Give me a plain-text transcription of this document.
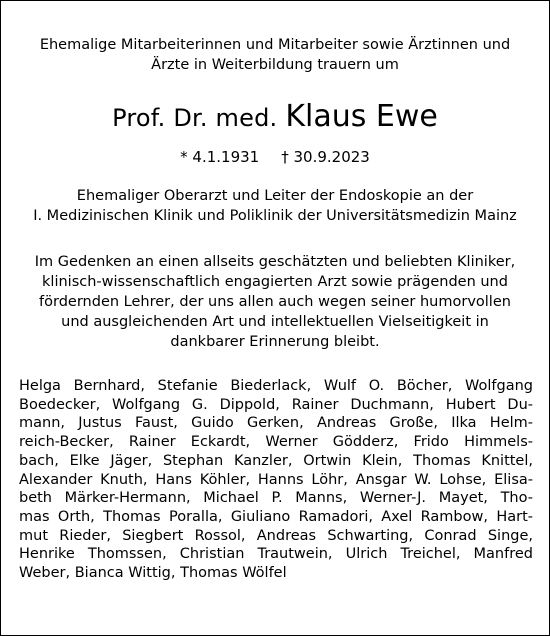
Ehemalige Mitarbeiterinnen und Mitarbeiter sowie Ärztinnen und
Ärzte in Weiterbildung trauern um
Prof. Dr. med. Klaus Ewe
* 4.1.1931 † 30.9.2023
Ehemaliger Oberarzt und Leiter der Endoskopie an der
I. Medizinischen Klinik und Poliklinik der Universitätsmedizin Mainz
Im Gedenken an einen allseits geschätzten und beliebten Kliniker,
klinisch-wissenschaftlich engagierten Arzt sowie prägenden und
fördernden Lehrer, der uns allen auch wegen seiner humorvollen
und ausgleichenden Art und intellektuellen Vielseitigkeit in
dankbarer Erinnerung bleibt.
Helga Bernhard, Stefanie Biederlack, Wulf O. Böcher, Wolfgang
Boedecker, Wolfgang G. Dippold, Rainer Duchmann, Hubert Du-
mann, Justus Faust, Guido Gerken, Andreas Große, Ilka Helm-
reich-Becker, Rainer Eckardt, Werner Gödderz, Frido Himmels-
bach, Elke Jäger, Stephan Kanzler, Ortwin Klein, Thomas Knittel,
Alexander Knuth, Hans Köhler, Hanns Löhr, Ansgar W. Lohse, Elisa-
beth Märker-Hermann, Michael P. Manns, Werner-J. Mayet, Tho-
mas Orth, Thomas Poralla, Giuliano Ramadori, Axel Rambow, Hart-
mut Rieder, Siegbert Rossol, Andreas Schwarting, Conrad Singe,
Henrike Thomssen, Christian Trautwein, Ulrich Treichel, Manfred
Weber, Bianca Wittig, Thomas Wölfel
